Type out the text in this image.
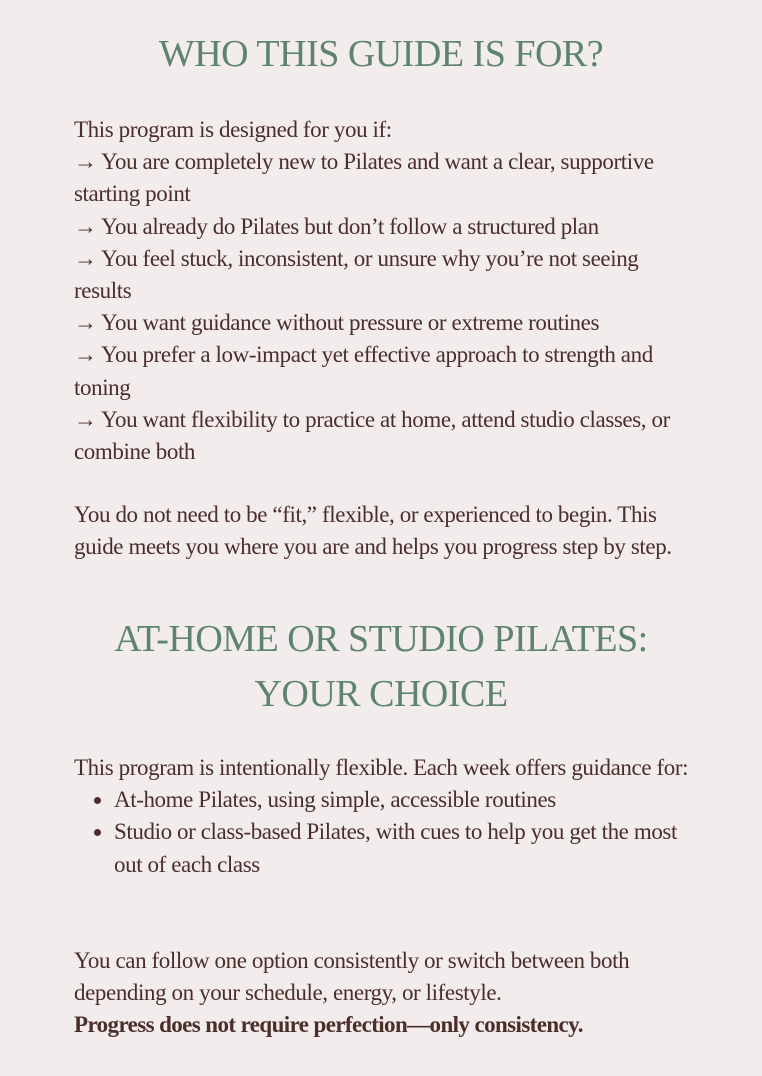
WHO THIS GUIDE IS FOR?

This program is designed for you if:

→ You are completely new to Pilates and want a clear, supportive starting point

→ You already do Pilates but don’t follow a structured plan

→ You feel stuck, inconsistent, or unsure why you’re not seeing results

→ You want guidance without pressure or extreme routines

→ You prefer a low-impact yet effective approach to strength and toning

→ You want flexibility to practice at home, attend studio classes, or combine both

You do not need to be “fit,” flexible, or experienced to begin. This guide meets you where you are and helps you progress step by step.

AT-HOME OR STUDIO PILATES:
YOUR CHOICE

This program is intentionally flexible. Each week offers guidance for:

• At-home Pilates, using simple, accessible routines
• Studio or class-based Pilates, with cues to help you get the most out of each class

You can follow one option consistently or switch between both depending on your schedule, energy, or lifestyle.

Progress does not require perfection—only consistency.
